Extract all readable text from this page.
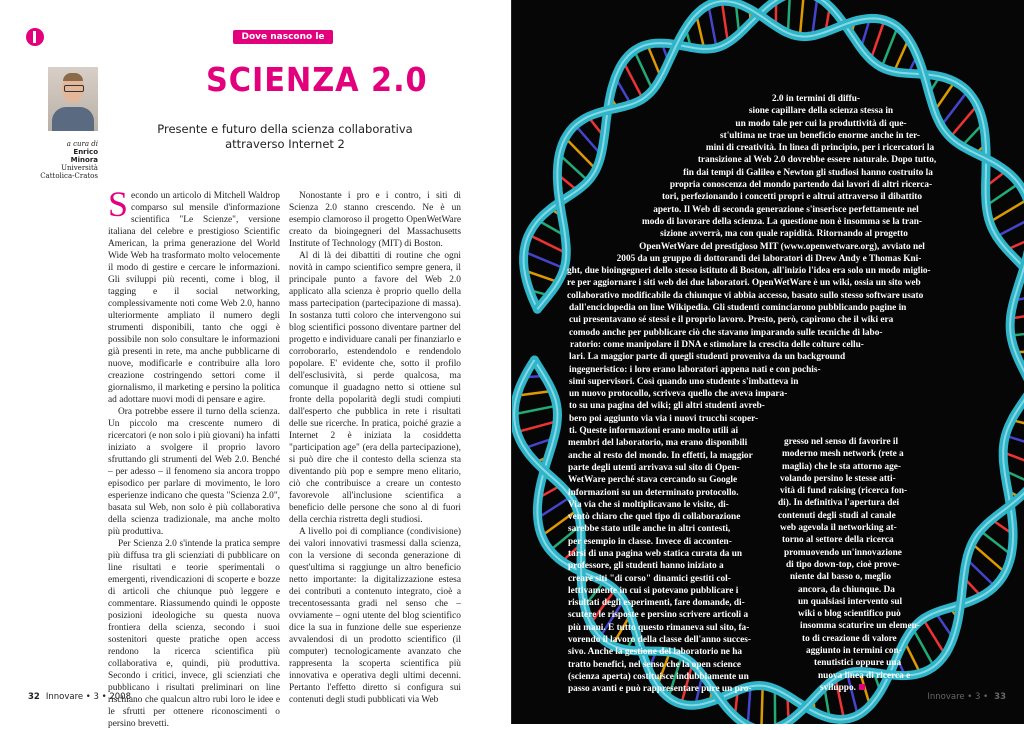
Dove nascono le idee
SCIENZA 2.0
Presente e futuro della scienza collaborativa attraverso Internet 2
a cura di
Enrico
Minora
Università
Cattolica-Cratos

Secondo un articolo di Mitchell Waldrop comparso sul mensile d'informazione scientifica "Le Scienze", versione italiana del celebre e prestigioso Scientific American, la prima generazione del World Wide Web ha trasformato molto velocemente il modo di gestire e cercare le informazioni. Gli sviluppi più recenti, come i blog, il tagging e il social networking, complessivamente noti come Web 2.0, hanno ulteriormente ampliato il numero degli strumenti disponibili, tanto che oggi è possibile non solo consultare le informazioni già presenti in rete, ma anche pubblicarne di nuove, modificarle e contribuire alla loro creazione costringendo settori come il giornalismo, il marketing e persino la politica ad adottare nuovi modi di pensare e agire.

Ora potrebbe essere il turno della scienza. Un piccolo ma crescente numero di ricercatori (e non solo i più giovani) ha infatti iniziato a svolgere il proprio lavoro sfruttando gli strumenti del Web 2.0. Benché – per adesso – il fenomeno sia ancora troppo episodico per parlare di movimento, le loro esperienze indicano che questa "Scienza 2.0", basata sul Web, non solo è più collaborativa della scienza tradizionale, ma anche molto più produttiva.

Per Scienza 2.0 s'intende la pratica sempre più diffusa tra gli scienziati di pubblicare on line risultati e teorie sperimentali o emergenti, rivendicazioni di scoperte e bozze di articoli che chiunque può leggere e commentare. Riassumendo quindi le opposte posizioni ideologiche su questa nuova frontiera della scienza, secondo i suoi sostenitori queste pratiche open access rendono la ricerca scientifica più collaborativa e, quindi, più produttiva. Secondo i critici, invece, gli scienziati che pubblicano i risultati preliminari on line rischiano che qualcun altro rubi loro le idee e le sfrutti per ottenere riconoscimenti o persino brevetti.

Nonostante i pro e i contro, i siti di Scienza 2.0 stanno crescendo. Ne è un esempio clamoroso il progetto OpenWetWare creato da bioingegneri del Massachusetts Institute of Technology (MIT) di Boston.

Al di là dei dibattiti di routine che ogni novità in campo scientifico sempre genera, il principale punto a favore del Web 2.0 applicato alla scienza è proprio quello della mass partecipation (partecipazione di massa). In sostanza tutti coloro che intervengono sui blog scientifici possono diventare partner del progetto e individuare canali per finanziarlo e corroborarlo, estendendolo e rendendolo popolare. E' evidente che, sotto il profilo dell'esclusività, si perde qualcosa, ma comunque il guadagno netto si ottiene sul fronte della popolarità degli studi compiuti dall'esperto che pubblica in rete i risultati delle sue ricerche. In pratica, poiché grazie a Internet 2 è iniziata la cosiddetta "participation age" (era della partecipazione), si può dire che il contesto della scienza sta diventando più pop e sempre meno elitario, ciò che contribuisce a creare un contesto favorevole all'inclusione scientifica a beneficio delle persone che sono al di fuori della cerchia ristretta degli studiosi.

A livello poi di compliance (condivisione) dei valori innovativi trasmessi dalla scienza, con la versione di seconda generazione di quest'ultima si raggiunge un altro beneficio netto importante: la digitalizzazione estesa dei contributi a contenuto integrato, cioè a trecentosessanta gradi nel senso che – ovviamente – ogni utente del blog scientifico dice la sua in funzione delle sue esperienze avvalendosi di un prodotto scientifico (il computer) tecnologicamente avanzato che rappresenta la scoperta scientifica più innovativa e operativa degli ultimi decenni. Pertanto l'effetto diretto si configura sui contenuti degli studi pubblicati via Web

32 Innovare • 3 • 2008
2.0 in termini di diffu-
sione capillare della scienza stessa in
un modo tale per cui la produttività di que-
st'ultima ne trae un beneficio enorme anche in ter-
mini di creatività. In linea di principio, per i ricercatori la
transizione al Web 2.0 dovrebbe essere naturale. Dopo tutto,
fin dai tempi di Galileo e Newton gli studiosi hanno costruito la
propria conoscenza del mondo partendo dai lavori di altri ricerca-
tori, perfezionando i concetti propri e altrui attraverso il dibattito
aperto. Il Web di seconda generazione s'inserisce perfettamente nel
modo di lavorare della scienza. La questione non è insomma se la tran-
sizione avverrà, ma con quale rapidità. Ritornando al progetto
OpenWetWare del prestigioso MIT (www.openwetware.org), avviato nel
2005 da un gruppo di dottorandi dei laboratori di Drew Andy e Thomas Kni-
ght, due bioingegneri dello stesso istituto di Boston, all'inizio l'idea era solo un modo miglio-
re per aggiornare i siti web dei due laboratori. OpenWetWare è un wiki, ossia un sito web
collaborativo modificabile da chiunque vi abbia accesso, basato sullo stesso software usato
dall'enciclopedia on line Wikipedia. Gli studenti cominciarono pubblicando pagine in
cui presentavano sé stessi e il proprio lavoro. Presto, però, capirono che il wiki era
comodo anche per pubblicare ciò che stavano imparando sulle tecniche di labo-
ratorio: come manipolare il DNA e stimolare la crescita delle colture cellu-
lari. La maggior parte di quegli studenti proveniva da un background
ingegneristico: i loro erano laboratori appena nati e con pochis-
simi supervisori. Così quando uno studente s'imbatteva in
un nuovo protocollo, scriveva quello che aveva impara-
to su una pagina del wiki; gli altri studenti avreb-
bero poi aggiunto via via i nuovi trucchi scoper-
ti. Queste informazioni erano molto utili ai
membri del laboratorio, ma erano disponibili
anche al resto del mondo. In effetti, la maggior
parte degli utenti arrivava sul sito di Open-
WetWare perché stava cercando su Google
informazioni su un determinato protocollo.
Via via che si moltiplicavano le visite, di-
ventò chiaro che quel tipo di collaborazione
sarebbe stato utile anche in altri contesti,
per esempio in classe. Invece di acconten-
tarsi di una pagina web statica curata da un
professore, gli studenti hanno iniziato a
creare siti "di corso" dinamici gestiti col-
lettivamente in cui si potevano pubblicare i
risultati degli esperimenti, fare domande, di-
scutere le risposte e persino scrivere articoli a
più mani. E tutto questo rimaneva sul sito, fa-
vorendo il lavoro della classe dell'anno succes-
sivo. Anche la gestione del laboratorio ne ha
tratto benefici, nel senso che la open science
(scienza aperta) costituisce indubbiamente un
passo avanti e può rappresentare pure un pro-
gresso nel senso di favorire il
moderno mesh network (rete a
maglia) che le sta attorno age-
volando persino le stesse atti-
vità di fund raising (ricerca fon-
di). In definitiva l'apertura dei
contenuti degli studi al canale
web agevola il networking at-
torno al settore della ricerca
promuovendo un'innovazione
di tipo down-top, cioè prove-
niente dal basso o, meglio
ancora, da chiunque. Da
un qualsiasi intervento sul
wiki o blog scientifico può
insomma scaturire un elemen-
to di creazione di valore
aggiunto in termini con-
tenutistici oppure una
nuova linea di ricerca e
sviluppo.
Innovare • 3 • 33
